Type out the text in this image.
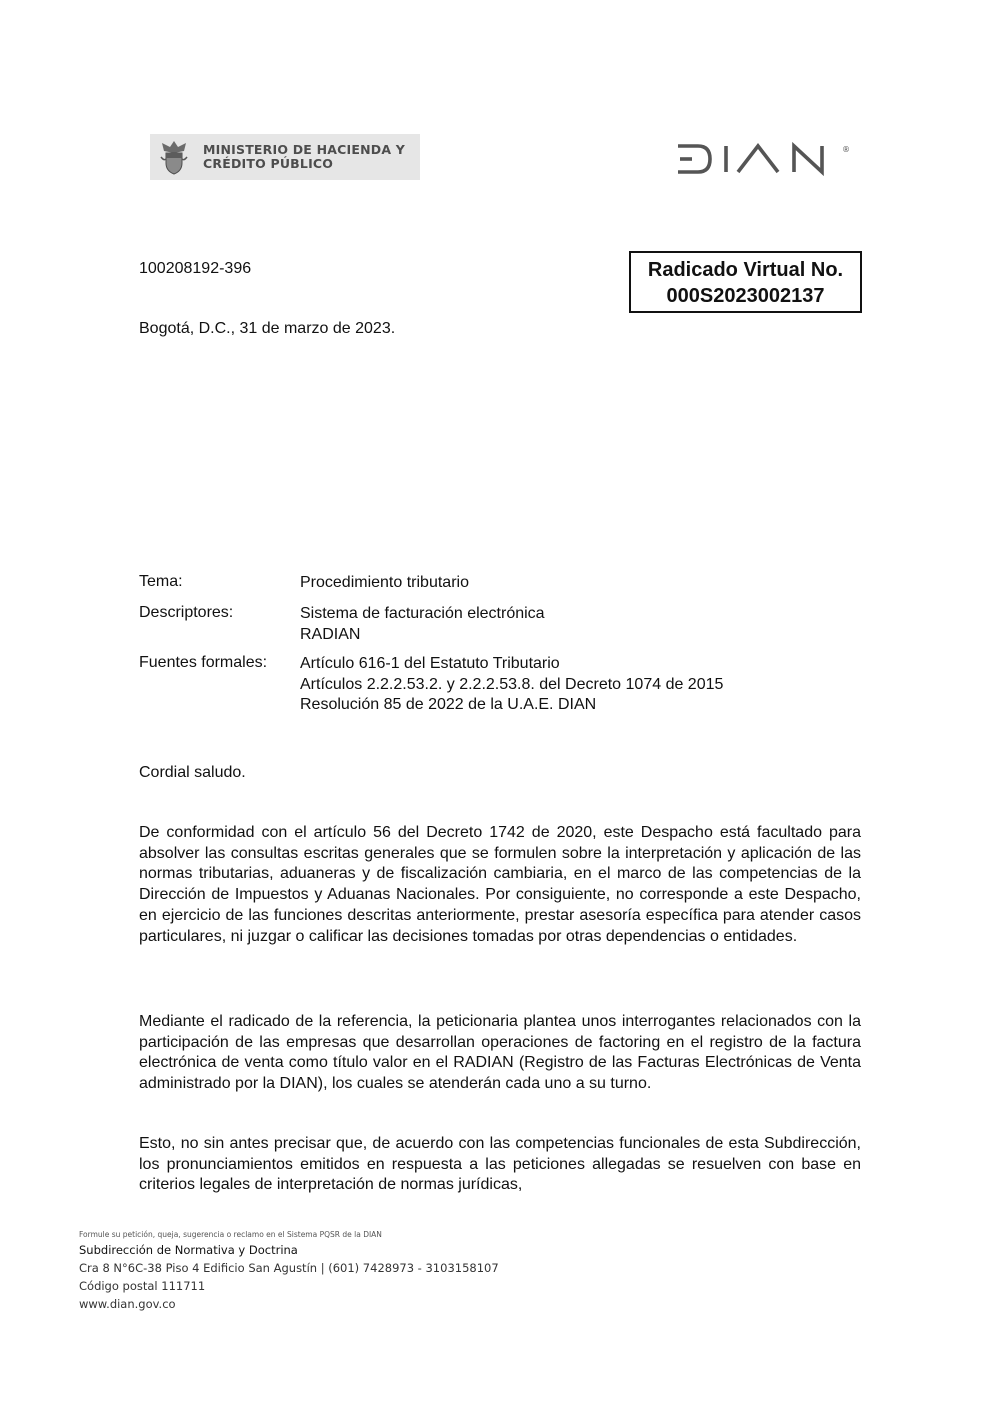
MINISTERIO DE HACIENDA Y
CRÉDITO PÚBLICO
®
100208192-396	Radicado Virtual No.
000S2023002137
Bogotá, D.C., 31 de marzo de 2023.
Tema:	Procedimiento tributario
Descriptores:	Sistema de facturación electrónica
RADIAN
Fuentes formales: Artículo 616-1 del Estatuto Tributario
Artículos 2.2.2.53.2. y 2.2.2.53.8. del Decreto 1074 de 2015
Resolución 85 de 2022 de la U.A.E. DIAN
Cordial saludo.
De conformidad con el artículo 56 del Decreto 1742 de 2020, este Despacho está facultado para absolver las consultas escritas generales que se formulen sobre la interpretación y aplicación de las normas tributarias, aduaneras y de fiscalización cambiaria, en el marco de las competencias de la Dirección de Impuestos y Aduanas Nacionales. Por consiguiente, no corresponde a este Despacho, en ejercicio de las funciones descritas anteriormente, prestar asesoría específica para atender casos particulares, ni juzgar o calificar las decisiones tomadas por otras dependencias o entidades.
Mediante el radicado de la referencia, la peticionaria plantea unos interrogantes relacionados con la participación de las empresas que desarrollan operaciones de factoring en el registro de la factura electrónica de venta como título valor en el RADIAN (Registro de las Facturas Electrónicas de Venta administrado por la DIAN), los cuales se atenderán cada uno a su turno.
Esto, no sin antes precisar que, de acuerdo con las competencias funcionales de esta Subdirección, los pronunciamientos emitidos en respuesta a las peticiones allegadas se resuelven con base en criterios legales de interpretación de normas jurídicas,
Formule su petición, queja, sugerencia o reclamo en el Sistema PQSR de la DIAN
Subdirección de Normativa y Doctrina
Cra 8 N°6C-38 Piso 4 Edificio San Agustín | (601) 7428973 - 3103158107
Código postal 111711
www.dian.gov.co
